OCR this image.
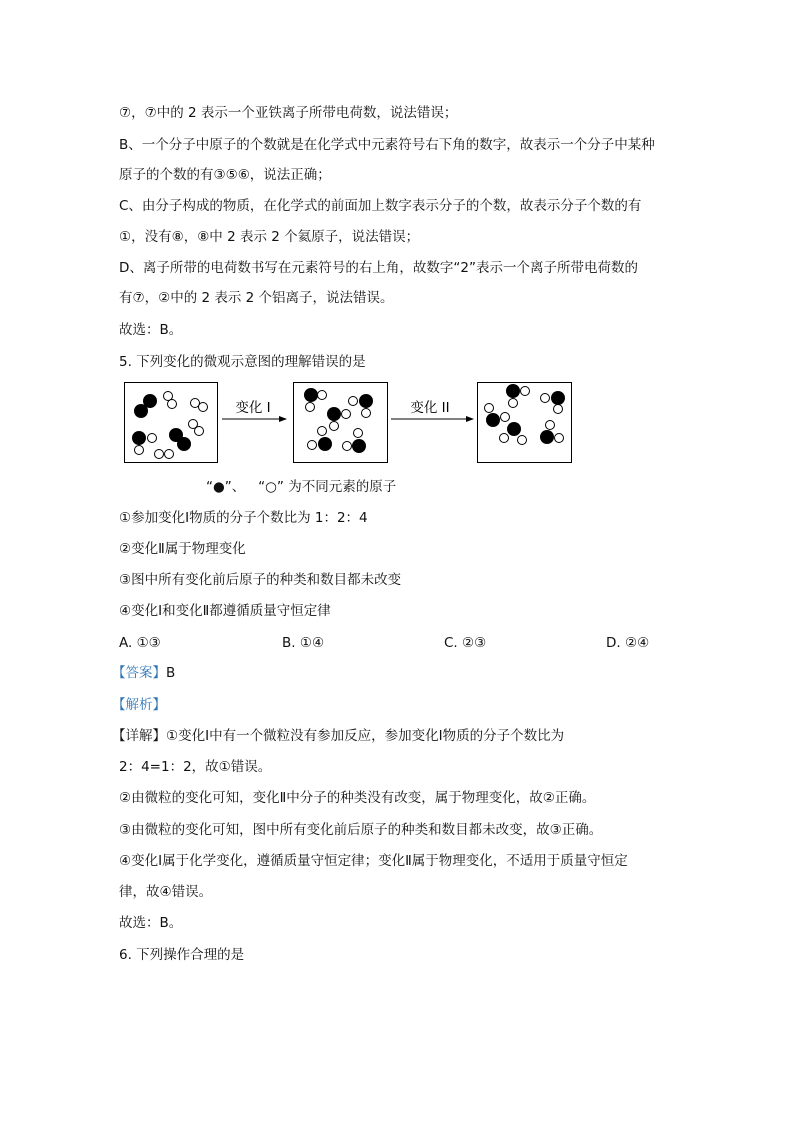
⑦，⑦中的 2 表示一个亚铁离子所带电荷数，说法错误；
B、一个分子中原子的个数就是在化学式中元素符号右下角的数字，故表示一个分子中某种
原子的个数的有③⑤⑥，说法正确；
C、由分子构成的物质，在化学式的前面加上数字表示分子的个数，故表示分子个数的有
①，没有⑧，⑧中 2 表示 2 个氦原子，说法错误；
D、离子所带的电荷数书写在元素符号的右上角，故数字“2”表示一个离子所带电荷数的
有⑦，②中的 2 表示 2 个铝离子，说法错误。
故选：B。
5. 下列变化的微观示意图的理解错误的是
变化 I	变化 II
“●”、 “○” 为不同元素的原子
①参加变化Ⅰ物质的分子个数比为 1：2：4
②变化Ⅱ属于物理变化
③图中所有变化前后原子的种类和数目都未改变
④变化Ⅰ和变化Ⅱ都遵循质量守恒定律
A. ①③	B. ①④	C. ②③	D. ②④
【答案】B
【解析】
【详解】①变化Ⅰ中有一个微粒没有参加反应，参加变化Ⅰ物质的分子个数比为
2：4=1：2，故①错误。
②由微粒的变化可知，变化Ⅱ中分子的种类没有改变，属于物理变化，故②正确。
③由微粒的变化可知，图中所有变化前后原子的种类和数目都未改变，故③正确。
④变化Ⅰ属于化学变化，遵循质量守恒定律；变化Ⅱ属于物理变化，不适用于质量守恒定
律，故④错误。
故选：B。
6. 下列操作合理的是
